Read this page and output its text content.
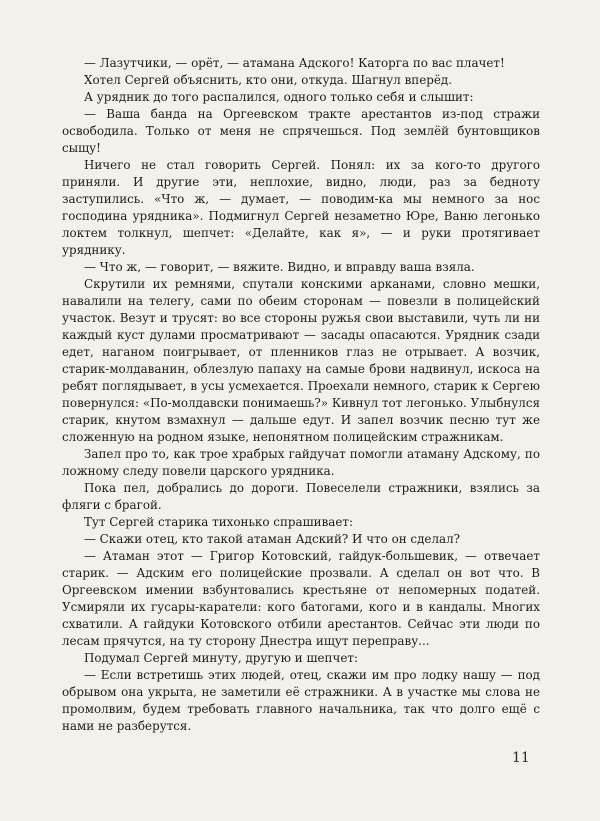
— Лазутчики, — орёт, — атамана Адского! Каторга по вас плачет!

Хотел Сергей объяснить, кто они, откуда. Шагнул вперёд.

А урядник до того распалился, одного только себя и слышит:

— Ваша банда на Оргеевском тракте арестантов из-под стражи освободила. Только от меня не спрячешься. Под землёй бунтовщиков сыщу!

Ничего не стал говорить Сергей. Понял: их за кого-то другого приняли. И другие эти, неплохие, видно, люди, раз за бедноту заступились. «Что ж, — думает, — поводим-ка мы немного за нос господина урядника». Подмигнул Сергей незаметно Юре, Ваню легонько локтем толкнул, шепчет: «Делайте, как я», — и руки протягивает уряднику.

— Что ж, — говорит, — вяжите. Видно, и вправду ваша взяла.

Скрутили их ремнями, спутали конскими арканами, словно мешки, навалили на телегу, сами по обеим сторонам — повезли в полицейский участок. Везут и трусят: во все стороны ружья свои выставили, чуть ли ни каждый куст дулами просматривают — засады опасаются. Урядник сзади едет, наганом поигрывает, от пленников глаз не отрывает. А возчик, старик-молдаванин, облезлую папаху на самые брови надвинул, искоса на ребят поглядывает, в усы усмехается. Проехали немного, старик к Сергею повернулся: «По-молдавски понимаешь?» Кивнул тот легонько. Улыбнулся старик, кнутом взмахнул — дальше едут. И запел возчик песню тут же сложенную на родном языке, непонятном полицейским стражникам.

Запел про то, как трое храбрых гайдучат помогли атаману Адскому, по ложному следу повели царского урядника.

Пока пел, добрались до дороги. Повеселели стражники, взялись за фляги с брагой.

Тут Сергей старика тихонько спрашивает:

— Скажи отец, кто такой атаман Адский? И что он сделал?

— Атаман этот — Григор Котовский, гайдук-большевик, — отвечает старик. — Адским его полицейские прозвали. А сделал он вот что. В Оргеевском имении взбунтовались крестьяне от непомерных податей. Усмиряли их гусары-каратели: кого батогами, кого и в кандалы. Многих схватили. А гайдуки Котовского отбили арестантов. Сейчас эти люди по лесам прячутся, на ту сторону Днестра ищут переправу...

Подумал Сергей минуту, другую и шепчет:

— Если встретишь этих людей, отец, скажи им про лодку нашу — под обрывом она укрыта, не заметили её стражники. А в участке мы слова не промолвим, будем требовать главного начальника, так что долго ещё с нами не разберутся.

11
